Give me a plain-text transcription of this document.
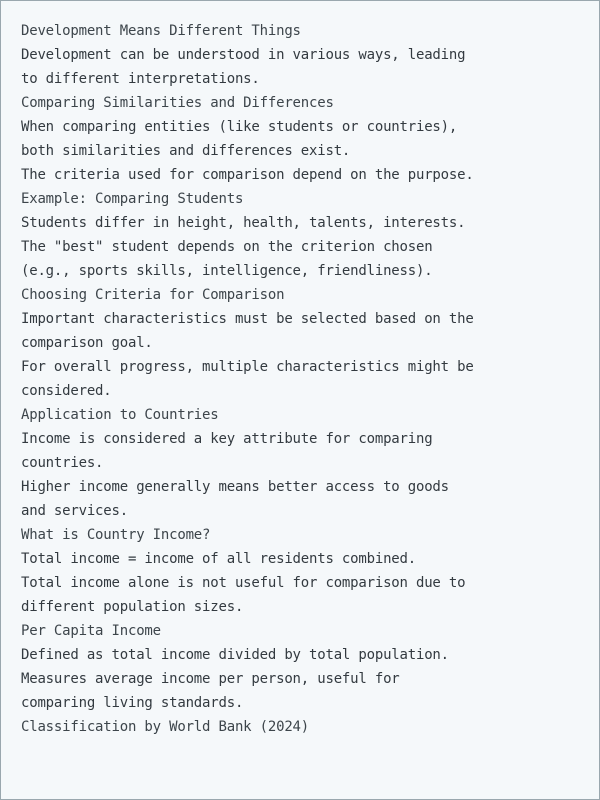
Development Means Different Things
Development can be understood in various ways, leading
to different interpretations.
Comparing Similarities and Differences
When comparing entities (like students or countries),
both similarities and differences exist.
The criteria used for comparison depend on the purpose.
Example: Comparing Students
Students differ in height, health, talents, interests.
The "best" student depends on the criterion chosen
(e.g., sports skills, intelligence, friendliness).
Choosing Criteria for Comparison
Important characteristics must be selected based on the
comparison goal.
For overall progress, multiple characteristics might be
considered.
Application to Countries
Income is considered a key attribute for comparing
countries.
Higher income generally means better access to goods
and services.
What is Country Income?
Total income = income of all residents combined.
Total income alone is not useful for comparison due to
different population sizes.
Per Capita Income
Defined as total income divided by total population.
Measures average income per person, useful for
comparing living standards.
Classification by World Bank (2024)
